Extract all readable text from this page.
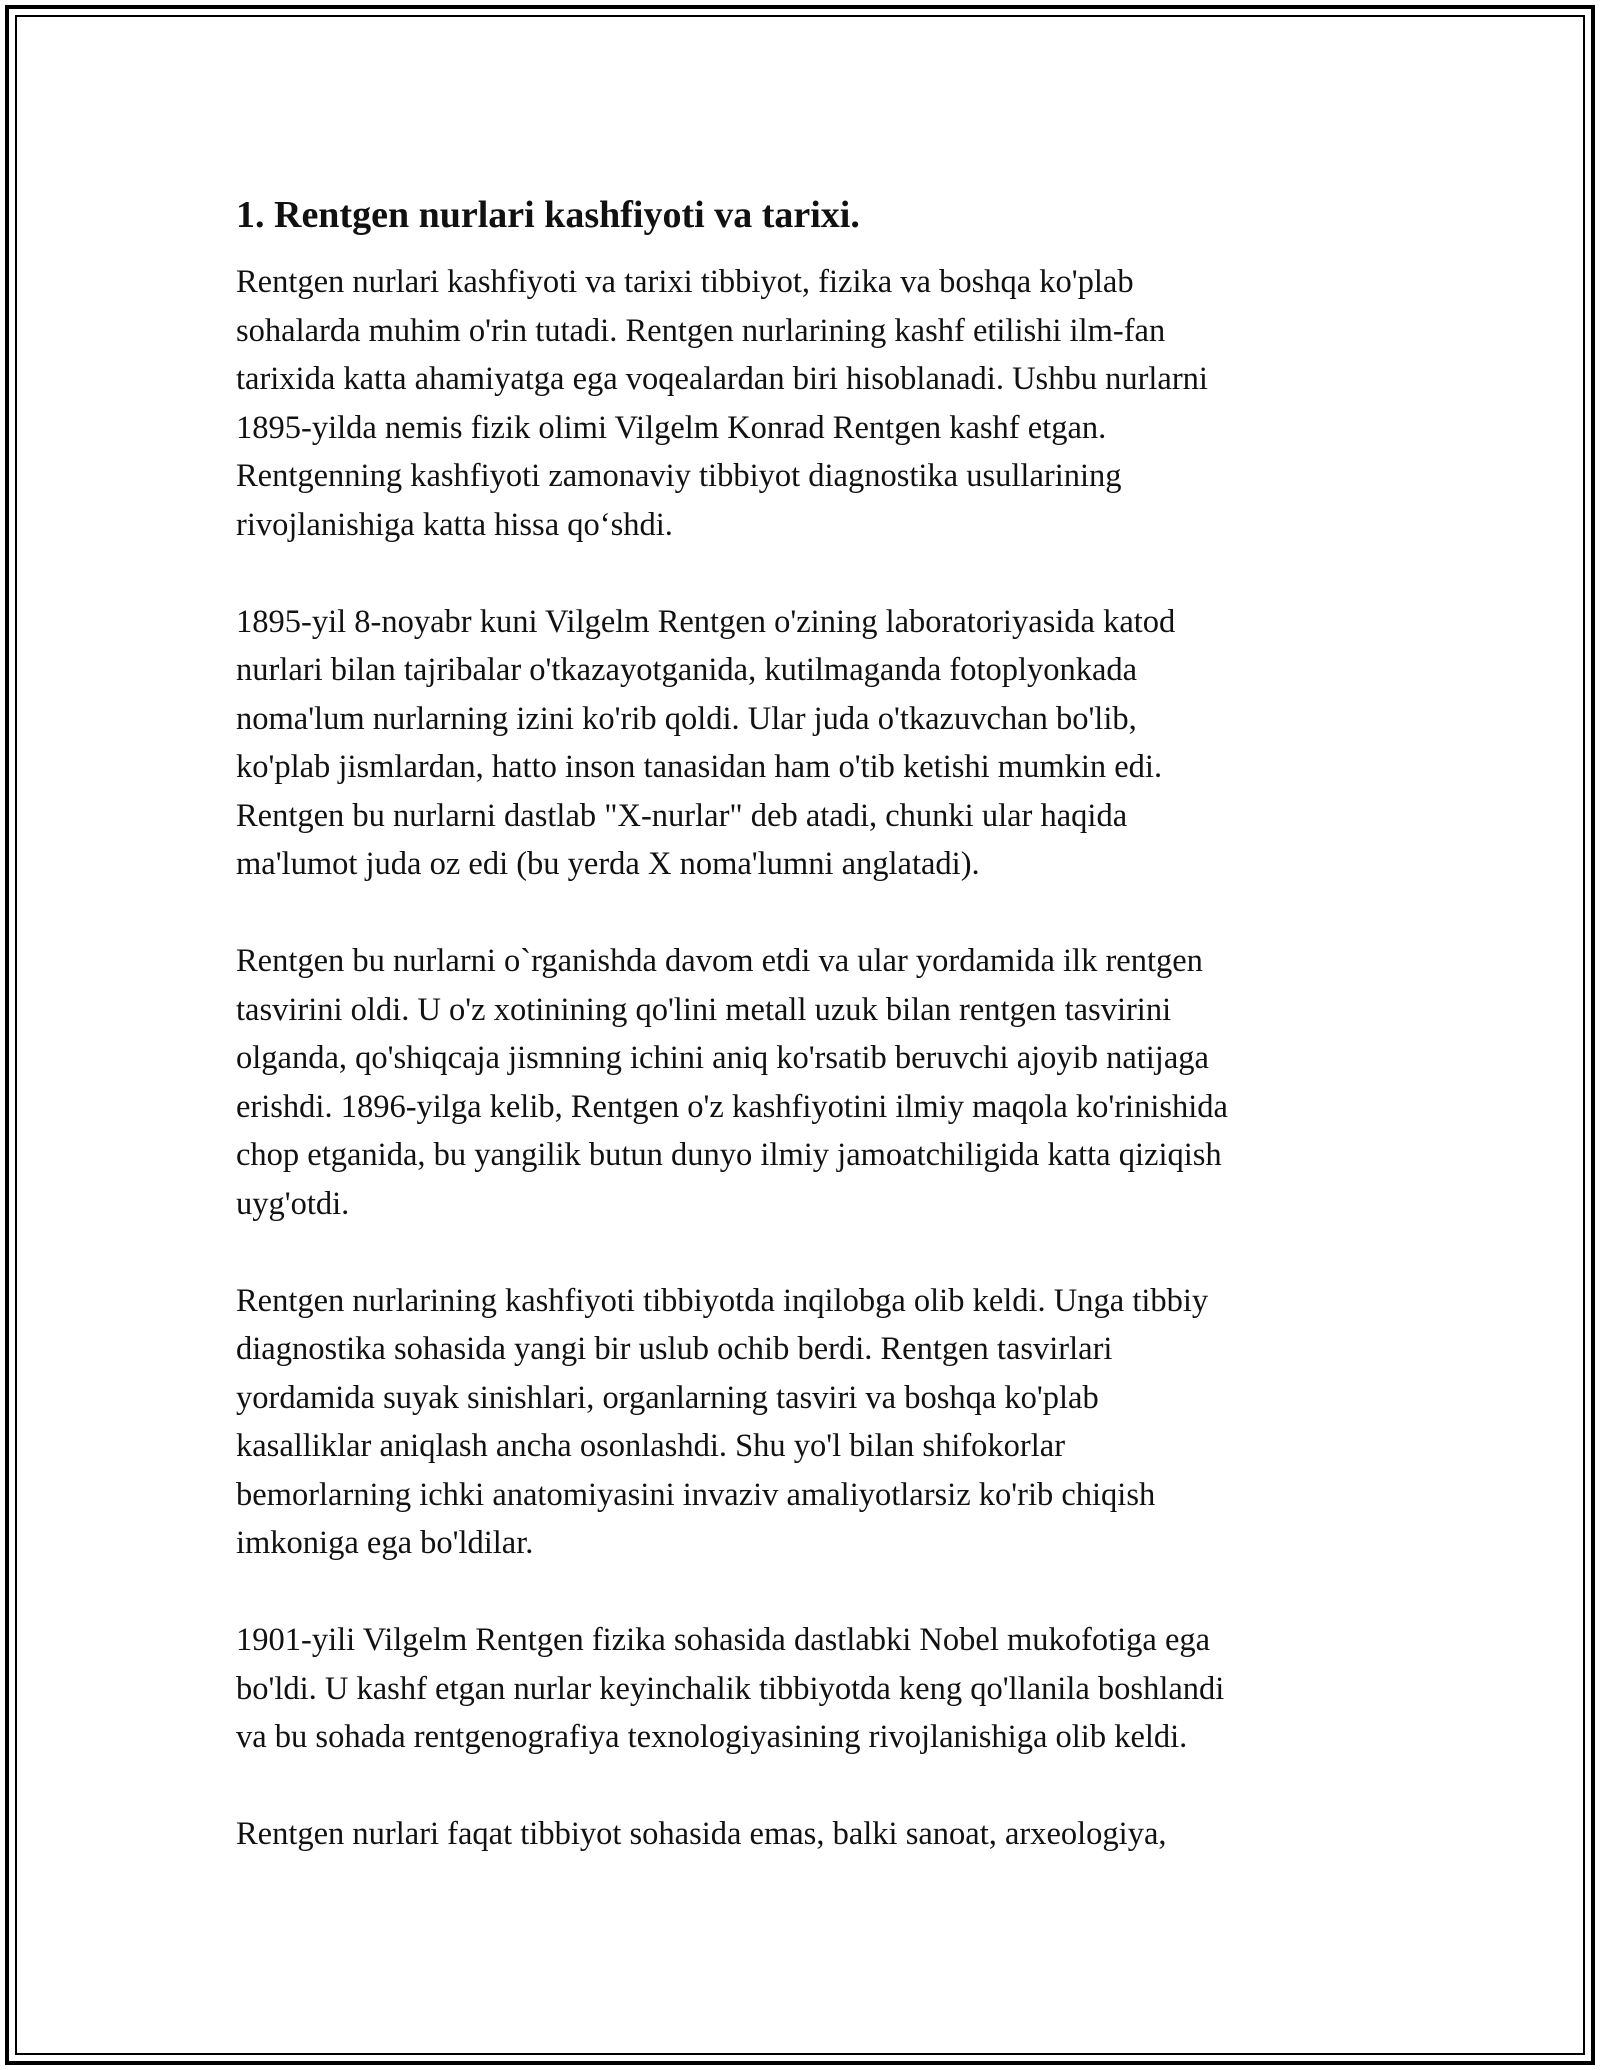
1. Rentgen nurlari kashfiyoti va tarixi.

Rentgen nurlari kashfiyoti va tarixi tibbiyot, fizika va boshqa ko'plab
sohalarda muhim o'rin tutadi. Rentgen nurlarining kashf etilishi ilm-fan
tarixida katta ahamiyatga ega voqealardan biri hisoblanadi. Ushbu nurlarni
1895-yilda nemis fizik olimi Vilgelm Konrad Rentgen kashf etgan.
Rentgenning kashfiyoti zamonaviy tibbiyot diagnostika usullarining
rivojlanishiga katta hissa qoʻshdi.

1895-yil 8-noyabr kuni Vilgelm Rentgen o'zining laboratoriyasida katod
nurlari bilan tajribalar o'tkazayotganida, kutilmaganda fotoplyonkada
noma'lum nurlarning izini ko'rib qoldi. Ular juda o'tkazuvchan bo'lib,
ko'plab jismlardan, hatto inson tanasidan ham o'tib ketishi mumkin edi.
Rentgen bu nurlarni dastlab "X-nurlar" deb atadi, chunki ular haqida
ma'lumot juda oz edi (bu yerda X noma'lumni anglatadi).

Rentgen bu nurlarni o`rganishda davom etdi va ular yordamida ilk rentgen
tasvirini oldi. U o'z xotinining qo'lini metall uzuk bilan rentgen tasvirini
olganda, qo'shiqcaja jismning ichini aniq ko'rsatib beruvchi ajoyib natijaga
erishdi. 1896-yilga kelib, Rentgen o'z kashfiyotini ilmiy maqola ko'rinishida
chop etganida, bu yangilik butun dunyo ilmiy jamoatchiligida katta qiziqish
uyg'otdi.

Rentgen nurlarining kashfiyoti tibbiyotda inqilobga olib keldi. Unga tibbiy
diagnostika sohasida yangi bir uslub ochib berdi. Rentgen tasvirlari
yordamida suyak sinishlari, organlarning tasviri va boshqa ko'plab
kasalliklar aniqlash ancha osonlashdi. Shu yo'l bilan shifokorlar
bemorlarning ichki anatomiyasini invaziv amaliyotlarsiz ko'rib chiqish
imkoniga ega bo'ldilar.

1901-yili Vilgelm Rentgen fizika sohasida dastlabki Nobel mukofotiga ega
bo'ldi. U kashf etgan nurlar keyinchalik tibbiyotda keng qo'llanila boshlandi
va bu sohada rentgenografiya texnologiyasining rivojlanishiga olib keldi.

Rentgen nurlari faqat tibbiyot sohasida emas, balki sanoat, arxeologiya,
